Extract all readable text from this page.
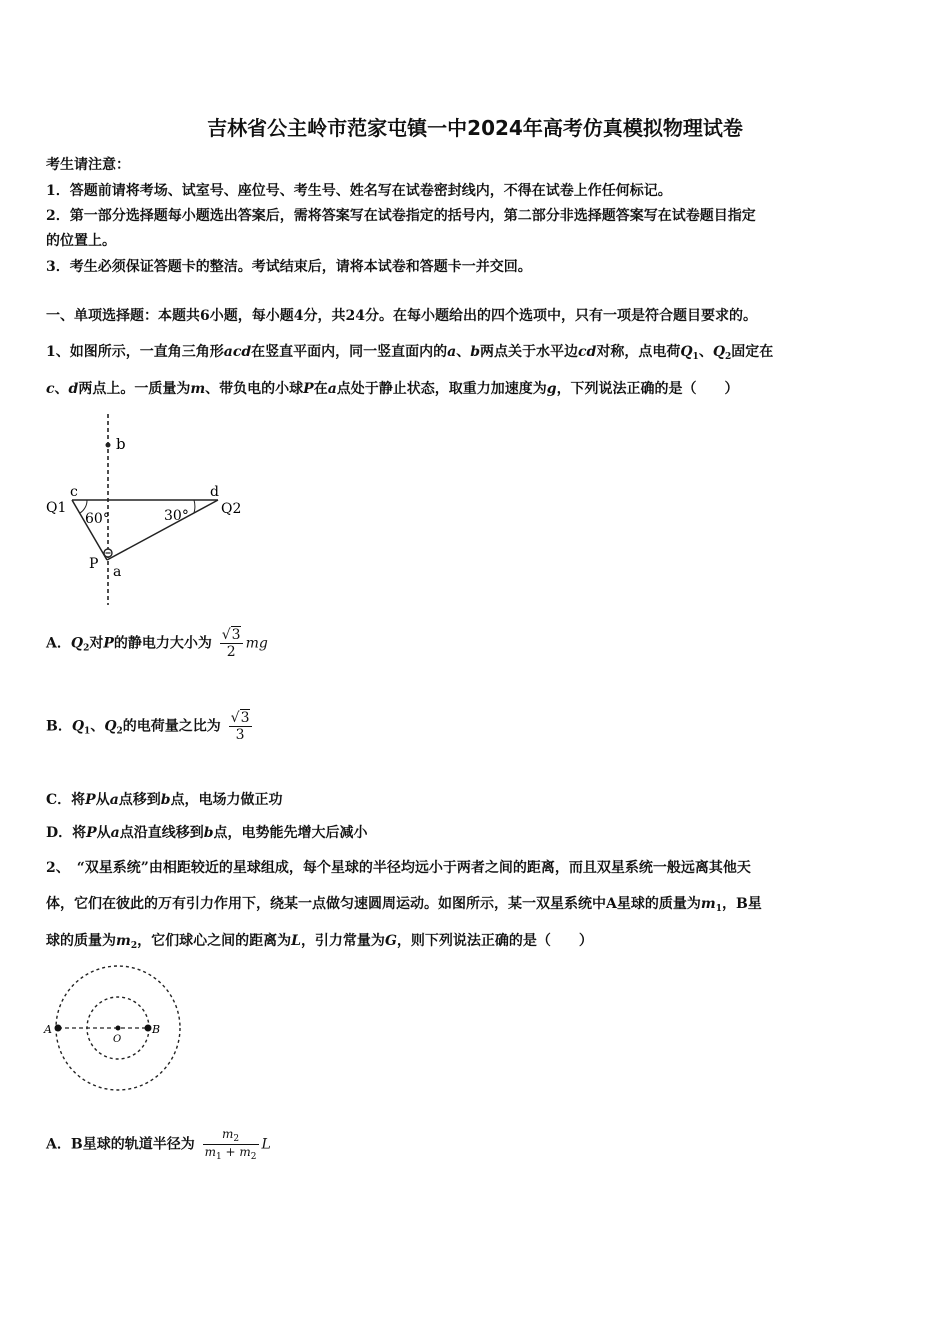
吉林省公主岭市范家屯镇一中2024年高考仿真模拟物理试卷
考生请注意：
1．答题前请将考场、试室号、座位号、考生号、姓名写在试卷密封线内，不得在试卷上作任何标记。
2．第一部分选择题每小题选出答案后，需将答案写在试卷指定的括号内，第二部分非选择题答案写在试卷题目指定
的位置上。
3．考生必须保证答题卡的整洁。考试结束后，请将本试卷和答题卡一并交回。
一、单项选择题：本题共6小题，每小题4分，共24分。在每小题给出的四个选项中，只有一项是符合题目要求的。
1、如图所示，一直角三角形acd在竖直平面内，同一竖直面内的a、b两点关于水平边cd对称，点电荷$Q_1$、$Q_2$固定在
c、d两点上。一质量为m、带负电的小球P在a点处于静止状态，取重力加速度为g，下列说法正确的是（　　）
b
c	d
Q1	Q2
60°	30°
P a
A．$Q_2$对P的静电力大小为 $\frac{√3}{2}$ mg
B．$Q_1$、$Q_2$的电荷量之比为 $\frac{√3}{3}$
C．将P从a点移到b点，电场力做正功
D．将P从a点沿直线移到b点，电势能先增大后减小
2、　“双星系统”由相距较近的星球组成，每个星球的半径均远小于两者之间的距离，而且双星系统一般远离其他天
体，它们在彼此的万有引力作用下，绕某一点做匀速圆周运动。如图所示，某一双星系统中A星球的质量为$m_1$，B星
球的质量为$m_2$，它们球心之间的距离为L，引力常量为G，则下列说法正确的是（　　）
A
O
B
A．B星球的轨道半径为 $\frac{m_2}{m_1 + m_2}$ L
